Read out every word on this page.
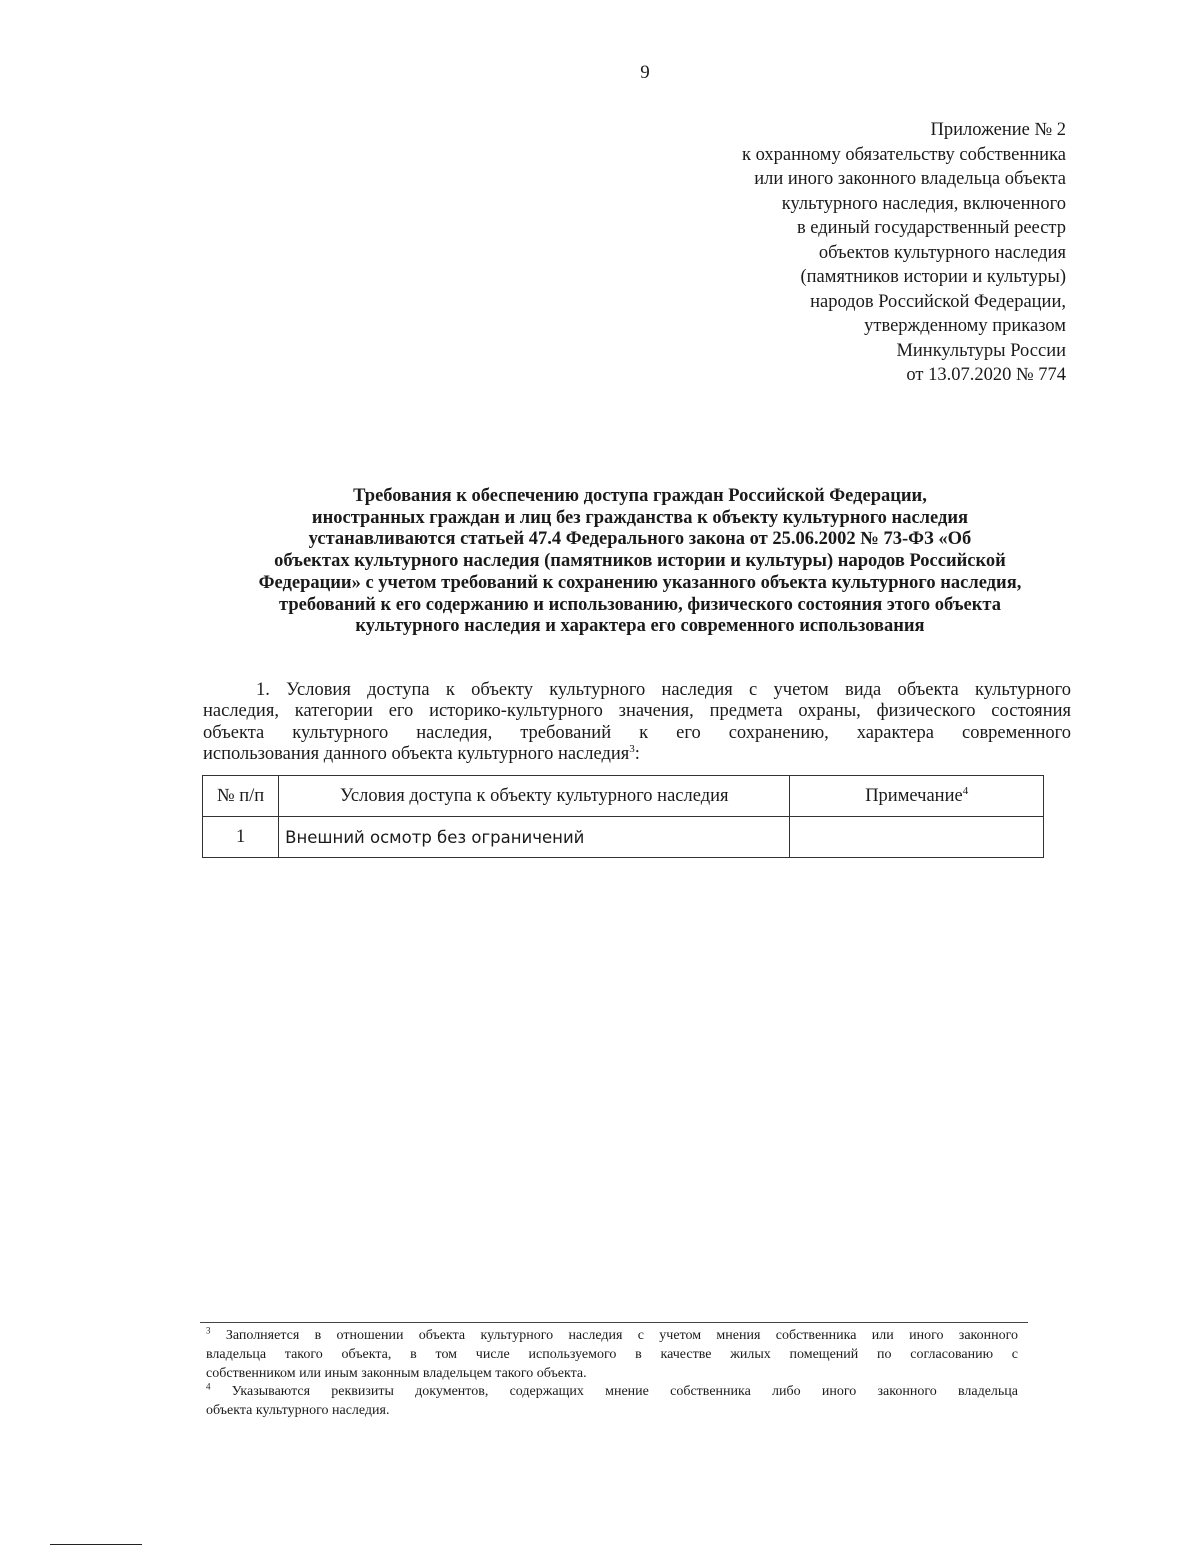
9
Приложение № 2
к охранному обязательству собственника
или иного законного владельца объекта
культурного наследия, включенного
в единый государственный реестр
объектов культурного наследия
(памятников истории и культуры)
народов Российской Федерации,
утвержденному приказом
Минкультуры России
от 13.07.2020 № 774
Требования к обеспечению доступа граждан Российской Федерации,
иностранных граждан и лиц без гражданства к объекту культурного наследия
устанавливаются статьей 47.4 Федерального закона от 25.06.2002 № 73-ФЗ «Об
объектах культурного наследия (памятников истории и культуры) народов Российской
Федерации» с учетом требований к сохранению указанного объекта культурного наследия,
требований к его содержанию и использованию, физического состояния этого объекта
культурного наследия и характера его современного использования
1. Условия доступа к объекту культурного наследия с учетом вида объекта культурного
наследия, категории его историко-культурного значения, предмета охраны, физического состояния
объекта культурного наследия, требований к его сохранению, характера современного
использования данного объекта культурного наследия$^3$:
№ п/п	Условия доступа к объекту культурного наследия	Примечание$^4$
1	Внешний осмотр без ограничений	

$^3$ Заполняется в отношении объекта культурного наследия с учетом мнения собственника или иного законного

владельца такого объекта, в том числе используемого в качестве жилых помещений по согласованию с

собственником или иным законным владельцем такого объекта.

$^4$ Указываются реквизиты документов, содержащих мнение собственника либо иного законного владельца

объекта культурного наследия.
